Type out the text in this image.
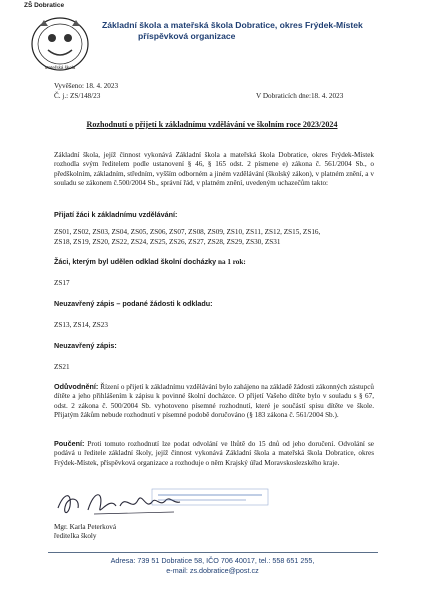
ZŠ Dobratice
Mateřská škola
Základní škola a mateřská škola Dobratice, okres Frýdek-Místek
příspěvková organizace
Vyvěšeno: 18. 4. 2023
Č. j.: ZS/148/23	V Dobraticích dne:18. 4. 2023
Rozhodnutí o přijetí k základnímu vzdělávání ve školním roce 2023/2024
Základní škola, jejíž činnost vykonává Základní škola a mateřská škola Dobratice, okres Frýdek-Místek rozhodla svým ředitelem podle ustanovení § 46, § 165 odst. 2 písmene e) zákona č. 561/2004 Sb., o předškolním, základním, středním, vyšším odborném a jiném vzdělávání (školský zákon), v platném znění, a v souladu se zákonem č.500/2004 Sb., správní řád, v platném znění, uvedeným uchazečům takto:
Přijatí žáci k základnímu vzdělávání:
ZS01, ZS02, ZS03, ZS04, ZS05, ZS06, ZS07, ZS08, ZS09, ZS10, ZS11, ZS12, ZS15, ZS16,
ZS18, ZS19, ZS20, ZS22, ZS24, ZS25, ZS26, ZS27, ZS28, ZS29, ZS30, ZS31
Žáci, kterým byl udělen odklad školní docházky na 1 rok:
ZS17
Neuzavřený zápis – podané žádosti k odkladu:
ZS13, ZS14, ZS23
Neuzavřený zápis:
ZS21
Odůvodnění: Řízení o přijetí k základnímu vzdělávání bylo zahájeno na základě žádosti zákonných zástupců dítěte a jeho přihlášením k zápisu k povinné školní docházce. O přijetí Vašeho dítěte bylo v souladu s § 67, odst. 2 zákona č. 500/2004 Sb. vyhotoveno písemné rozhodnutí, které je součástí spisu dítěte ve škole. Přijatým žákům nebude rozhodnutí v písemné podobě doručováno (§ 183 zákona č. 561/2004 Sb.).
Poučení: Proti tomuto rozhodnutí lze podat odvolání ve lhůtě do 15 dnů od jeho doručení. Odvolání se podává u ředitele základní školy, jejíž činnost vykonává Základní škola a mateřská škola Dobratice, okres Frýdek-Místek, příspěvková organizace a rozhoduje o něm Krajský úřad Moravskoslezského kraje.
Mgr. Karla Peterková
ředitelka školy
Adresa: 739 51 Dobratice 58, IČO 706 40017, tel.: 558 651 255,
e-mail: zs.dobratice@post.cz
